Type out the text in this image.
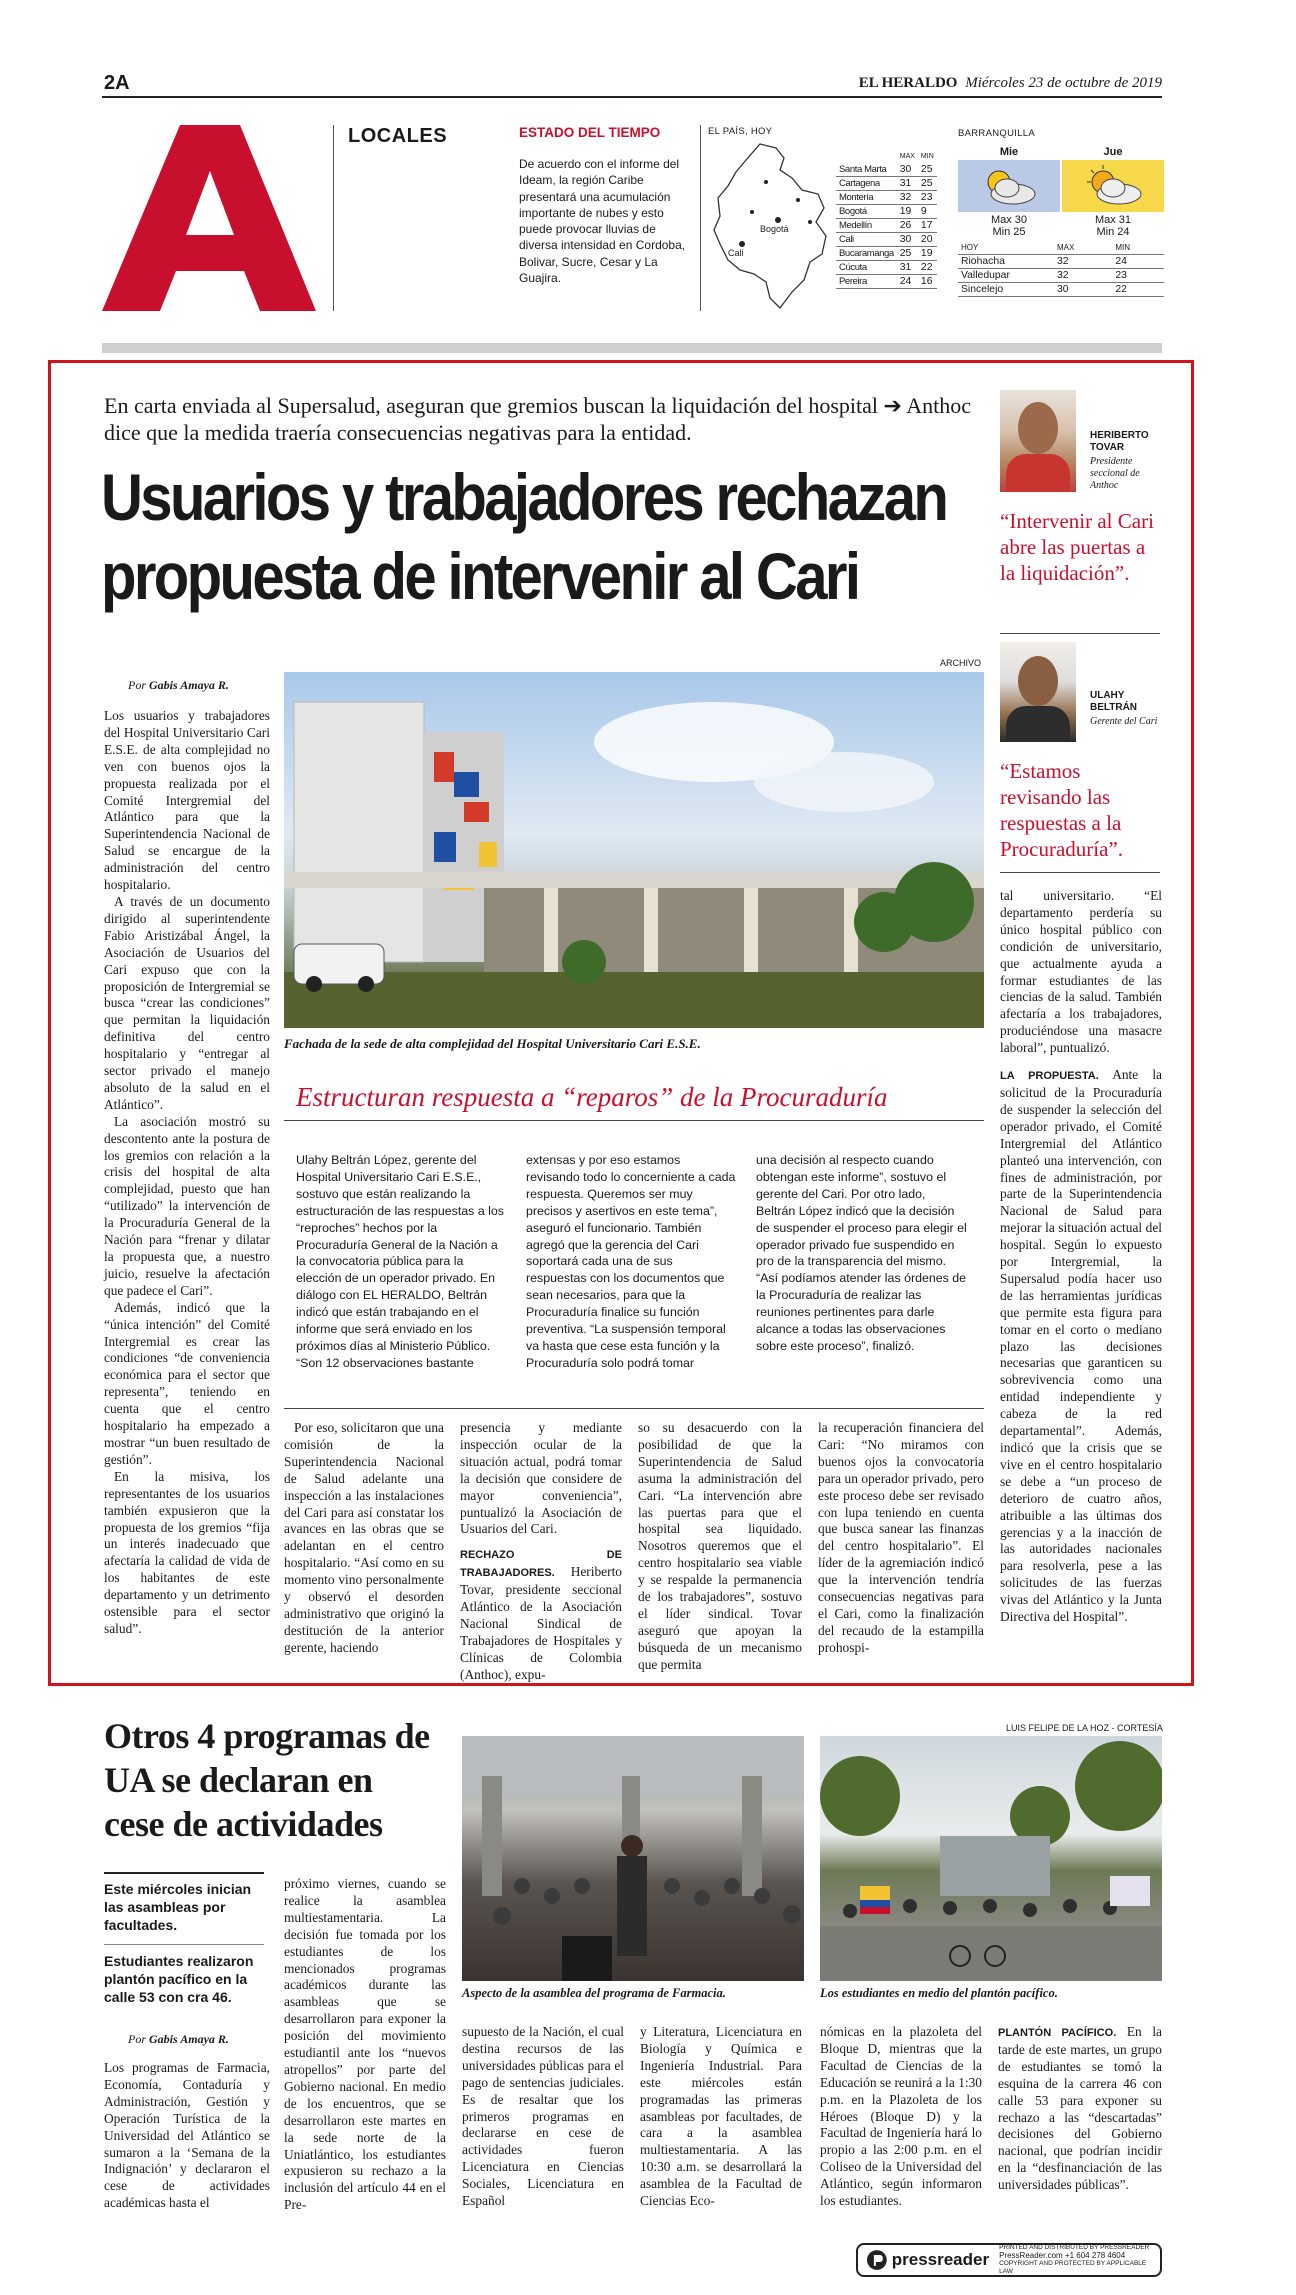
2A	EL HERALDO Miércoles 23 de octubre de 2019
LOCALES	ESTADO DEL TIEMPO
De acuerdo con el informe del Ideam, la región Caribe presentará una acumulación importante de nubes y esto puede provocar lluvias de diversa intensidad en Cordoba, Bolivar, Sucre, Cesar y La Guajira.
EL PAÍS, HOY
Bogotá
Cali
	MAX	MIN
Santa Marta	30	25
Cartagena	31	25
Montería	32	23
Bogotá	19	9
Medellín	26	17
Cali	30	20
Bucaramanga	25	19
Cúcuta	31	22
Pereira	24	16
BARRANQUILLA
Mie
Max 30
Min 25
Jue
Max 31
Min 24
HOY	MAX	MIN
Riohacha	32	24
Valledupar	32	23
Sincelejo	30	22
En carta enviada al Supersalud, aseguran que gremios buscan la liquidación del hospital ➔ Anthoc dice que la medida traería consecuencias negativas para la entidad.
Usuarios y trabajadores rechazan
propuesta de intervenir al Cari
HERIBERTO TOVAR
Presidente seccional de Anthoc
“Intervenir al Cari abre las puertas a la liquidación”.
ULAHY BELTRÁN
Gerente del Cari
“Estamos revisando las respuestas a la Procuraduría”.
Por Gabis Amaya R.

Los usuarios y trabajadores del Hospital Universitario Cari E.S.E. de alta complejidad no ven con buenos ojos la propuesta realizada por el Comité Intergremial del Atlántico para que la Superintendencia Nacional de Salud se encargue de la administración del centro hospitalario.

A través de un documento dirigido al superintendente Fabio Aristizábal Ángel, la Asociación de Usuarios del Cari expuso que con la proposición de Intergremial se busca “crear las condiciones” que permitan la liquidación definitiva del centro hospitalario y “entregar al sector privado el manejo absoluto de la salud en el Atlántico”.

La asociación mostró su descontento ante la postura de los gremios con relación a la crisis del hospital de alta complejidad, puesto que han “utilizado” la intervención de la Procuraduría General de la Nación para “frenar y dilatar la propuesta que, a nuestro juicio, resuelve la afectación que padece el Cari”.

Además, indicó que la “única intención” del Comité Intergremial es crear las condiciones “de conveniencia económica para el sector que representa”, teniendo en cuenta que el centro hospitalario ha empezado a mostrar “un buen resultado de gestión”.

En la misiva, los representantes de los usuarios también expusieron que la propuesta de los gremios “fija un interés inadecuado que afectaría la calidad de vida de los habitantes de este departamento y un detrimento ostensible para el sector salud”.

ARCHIVO
Fachada de la sede de alta complejidad del Hospital Universitario Cari E.S.E.
Estructuran respuesta a “reparos” de la Procuraduría
Ulahy Beltrán López, gerente del Hospital Universitario Cari E.S.E., sostuvo que están realizando la estructuración de las respuestas a los “reproches” hechos por la Procuraduría General de la Nación a la convocatoria pública para la elección de un operador privado. En diálogo con EL HERALDO, Beltrán indicó que están trabajando en el informe que será enviado en los próximos días al Ministerio Público. “Son 12 observaciones bastante
extensas y por eso estamos revisando todo lo concerniente a cada respuesta. Queremos ser muy precisos y asertivos en este tema”, aseguró el funcionario. También agregó que la gerencia del Cari soportará cada una de sus respuestas con los documentos que sean necesarios, para que la Procuraduría finalice su función preventiva. “La suspensión temporal va hasta que cese esta función y la Procuraduría solo podrá tomar
una decisión al respecto cuando obtengan este informe”, sostuvo el gerente del Cari. Por otro lado, Beltrán López indicó que la decisión de suspender el proceso para elegir el operador privado fue suspendido en pro de la transparencia del mismo. “Así podíamos atender las órdenes de la Procuraduría de realizar las reuniones pertinentes para darle alcance a todas las observaciones sobre este proceso”, finalizó.

Por eso, solicitaron que una comisión de la Superintendencia Nacional de Salud adelante una inspección a las instalaciones del Cari para así constatar los avances en las obras que se adelantan en el centro hospitalario. “Así como en su momento vino personalmente y observó el desorden administrativo que originó la destitución de la anterior gerente, haciendo

presencia y mediante inspección ocular de la situación actual, podrá tomar la decisión que considere de mayor conveniencia”, puntualizó la Asociación de Usuarios del Cari.

RECHAZO DE TRABAJADORES. Heriberto Tovar, presidente seccional Atlántico de la Asociación Nacional Sindical de Trabajadores de Hospitales y Clínicas de Colombia (Anthoc), expu-

so su desacuerdo con la posibilidad de que la Superintendencia de Salud asuma la administración del Cari. “La intervención abre las puertas para que el hospital sea liquidado. Nosotros queremos que el centro hospitalario sea viable y se respalde la permanencia de los trabajadores”, sostuvo el líder sindical. Tovar aseguró que apoyan la búsqueda de un mecanismo que permita

la recuperación financiera del Cari: “No miramos con buenos ojos la convocatoria para un operador privado, pero este proceso debe ser revisado con lupa teniendo en cuenta que busca sanear las finanzas del centro hospitalario”. El líder de la agremiación indicó que la intervención tendría consecuencias negativas para el Cari, como la finalización del recaudo de la estampilla prohospi-

tal universitario. “El departamento perdería su único hospital público con condición de universitario, que actualmente ayuda a formar estudiantes de las ciencias de la salud. También afectaría a los trabajadores, produciéndose una masacre laboral”, puntualizó.

LA PROPUESTA. Ante la solicitud de la Procuraduría de suspender la selección del operador privado, el Comité Intergremial del Atlántico planteó una intervención, con fines de administración, por parte de la Superintendencia Nacional de Salud para mejorar la situación actual del hospital. Según lo expuesto por Intergremial, la Supersalud podía hacer uso de las herramientas jurídicas que permite esta figura para tomar en el corto o mediano plazo las decisiones necesarias que garanticen su sobrevivencia como una entidad independiente y cabeza de la red departamental”. Además, indicó que la crisis que se vive en el centro hospitalario se debe a “un proceso de deterioro de cuatro años, atribuible a las últimas dos gerencias y a la inacción de las autoridades nacionales para resolverla, pese a las solicitudes de las fuerzas vivas del Atlántico y la Junta Directiva del Hospital”.

Otros 4 programas de UA se declaran en cese de actividades
LUIS FELIPE DE LA HOZ - CORTESÍA
Aspecto de la asamblea del programa de Farmacia.	Los estudiantes en medio del plantón pacífico.
Este miércoles inician las asambleas por facultades.
Estudiantes realizaron plantón pacífico en la calle 53 con cra 46.
Por Gabis Amaya R.

Los programas de Farmacia, Economía, Contaduría y Administración, Gestión y Operación Turística de la Universidad del Atlántico se sumaron a la ‘Semana de la Indignación’ y declararon el cese de actividades académicas hasta el

próximo viernes, cuando se realice la asamblea multiestamentaria. La decisión fue tomada por los estudiantes de los mencionados programas académicos durante las asambleas que se desarrollaron para exponer la posición del movimiento estudiantil ante los “nuevos atropellos” por parte del Gobierno nacional. En medio de los encuentros, que se desarrollaron este martes en la sede norte de la Uniatlántico, los estudiantes expusieron su rechazo a la inclusión del artículo 44 en el Pre-

supuesto de la Nación, el cual destina recursos de las universidades públicas para el pago de sentencias judiciales. Es de resaltar que los primeros programas en declararse en cese de actividades fueron Licenciatura en Ciencias Sociales, Licenciatura en Español

y Literatura, Licenciatura en Biología y Química e Ingeniería Industrial. Para este miércoles están programadas las primeras asambleas por facultades, de cara a la asamblea multiestamentaria. A las 10:30 a.m. se desarrollará la asamblea de la Facultad de Ciencias Eco-

nómicas en la plazoleta del Bloque D, mientras que la Facultad de Ciencias de la Educación se reunirá a la 1:30 p.m. en la Plazoleta de los Héroes (Bloque D) y la Facultad de Ingeniería hará lo propio a las 2:00 p.m. en el Coliseo de la Universidad del Atlántico, según informaron los estudiantes.

PLANTÓN PACÍFICO. En la tarde de este martes, un grupo de estudiantes se tomó la esquina de la carrera 46 con calle 53 para exponer su rechazo a las “descartadas” decisiones del Gobierno nacional, que podrían incidir en la “desfinanciación de las universidades públicas”.

pressreader
PRINTED AND DISTRIBUTED BY PRESSREADER
PressReader.com +1 604 278 4604
COPYRIGHT AND PROTECTED BY APPLICABLE LAW
